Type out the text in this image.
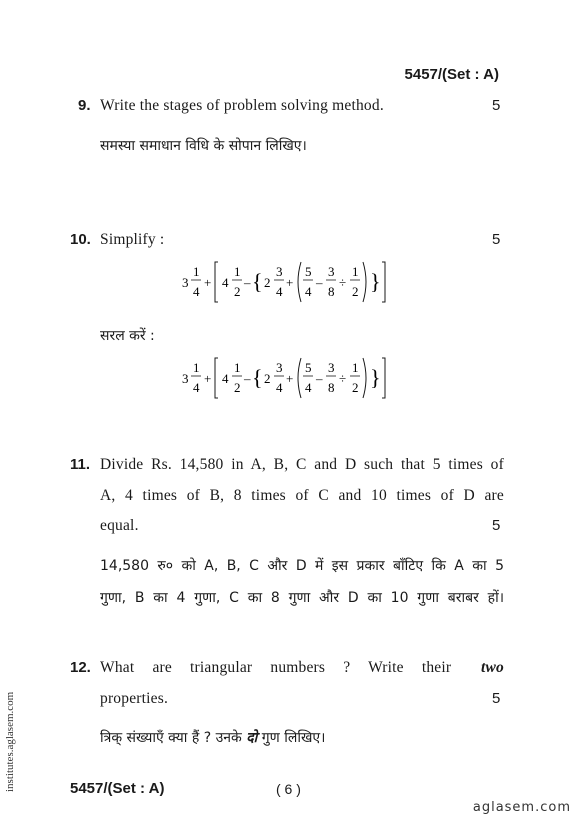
5457/(Set : A)
9. Write the stages of problem solving method.	5
समस्या समाधान विधि के सोपान लिखिए।
10. Simplify :	5
3
1
4
+ 4
1
2
– { 2
3
4
+
5
4
–
3
8
÷
1
2 }
सरल करें :
3
1
4
+ 4
1
2
– { 2
3
4
+
5
4
–
3
8
÷
1
2 }
11. Divide Rs. 14,580 in A, B, C and D such that 5 times of
A, 4 times of B, 8 times of C and 10 times of D are
equal.	5
14,580 रु० को A, B, C और D में इस प्रकार बाँटिए कि A का 5
गुणा, B का 4 गुणा, C का 8 गुणा और D का 10 गुणा बराबर हों।
12. What are triangular numbers ? Write their two
properties.	5
त्रिक् संख्याएँ क्या हैं ? उनके दो गुण लिखिए।
5457/(Set : A)	( 6 )
aglasem.com
institutes.aglasem.com
